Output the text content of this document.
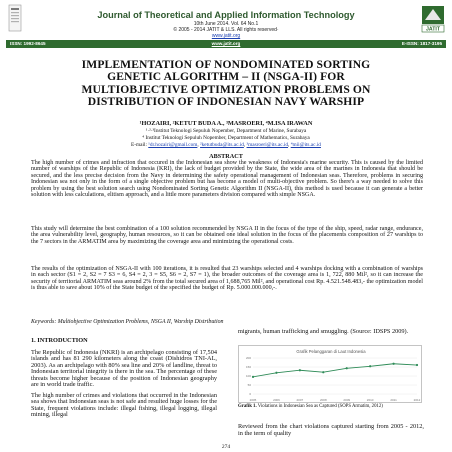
Journal of Theoretical and Applied Information Technology
10th June 2014. Vol. 64 No.1
© 2005 - 2014 JATIT & LLS. All rights reserved·
www.jatit.org
JATIT
ISSN: 1992-8645	www.jatit.org	E-ISSN: 1817-3195
IMPLEMENTATION OF NONDOMINATED SORTING
GENETIC ALGORITHM – II (NSGA-II) FOR
MULTIOBJECTIVE OPTIMIZATION PROBLEMS ON
DISTRIBUTION OF INDONESIAN NAVY WARSHIP
¹HOZAIRI, ²KETUT BUDA A., ³MASROERI, ⁴M.ISA IRAWAN
¹·²·³Institut Teknologi Sepuluh Nopember, Department of Marine, Surabaya
⁴ Institut Teknologi Sepuluh Nopember, Department of Mathematics, Surabaya
E-mail: ¹dr.hozairi@gmail.com, ²ketutbuda@its.ac.id, ³masroeri@its.ac.id, ⁴mii@its.ac.id
ABSTRACT
The high number of crimes and infraction that occured in the Indonesian sea show the weakness of Indonesia's marine security. This is caused by the limited number of warships of the Republic of Indonesia (KRI), the lack of budget provided by the State, the wide area of the marines in Indonesia that should be secured, and the less precise decision from the Navy in determining the safety operational management of Indonesian seas. Therefore, problems in securing Indonesian sea not only in the form of a single objective problem but has become a model of multi-objective problem. So there's a way needed to solve this problem by using the best solution search using Nondominated Sorting Genetic Algorithm II (NSGA-II), this method is used because it can generate a better solution with less calculations, elitism approach, and a little more parameters division compared with simple NSGA.
This study will determine the best combination of a 100 solution recommended by NSGA II in the focus of the type of the ship, speed, radar range, endurance, the area vulnerability level, geography, human resources, so it can be obtained one ideal solution in the focus of the placements composition of 27 warships to the 7 sectors in the ARMATIM area by maximizing the coverage area and minimizing the operational costs.
The results of the optimization of NSGA-II with 100 iterations, it is resulted that 23 warships selected and 4 warships docking with a combination of warships in each sector (S1 = 2, S2 = 7 S3 = 6, S4 = 2, 3 = S5, S6 = 2, S7 = 1), the broader outcomes of the coverage area is 1, 722, 880 Mil², so it can increase the security of territorial ARMATIM seas around 2% from the total secured area of 1,688,765 Mil², and operational cost Rp. 4.521.548.483,- the optimization model is thus able to save about 10% of the State budget of the specified the budget of Rp. 5.000.000.000,-.
Keywords: Multiobjective Optimization Problems, NSGA II, Warship Distribution
1. INTRODUCTION

The Republic of Indonesia (NKRI) is an archipelago consisting of 17,504 islands and has 81 290 kilometers along the coast (Dishidros TNI-AL, 2003). As an archipelago with 80% sea line and 20% of landline, threat to Indonesian territorial integrity is there in the sea. The percentage of these threats become higher because of the position of Indonesian geography are in world trade traffic.

The high number of crimes and violations that occurred in the Indonesian sea shows that Indonesian seas is not safe and resulted huge losses for the State, frequent violations include: illegal fishing, illegal logging, illegal mining, illegal

migrants, human trafficking and smuggling. (Source: IDSPS 2009).
Grafik Pelanggaran di Laut Indonesia
0
50
100
150
200
2005	2006	2007	2008	2009	2010	2011	2012
Grafik 1. Violations in Indonesian Sea as Captured (SOPS Armatim, 2012)
Reviewed from the chart violations captured starting from 2005 - 2012, in the term of quality
274
